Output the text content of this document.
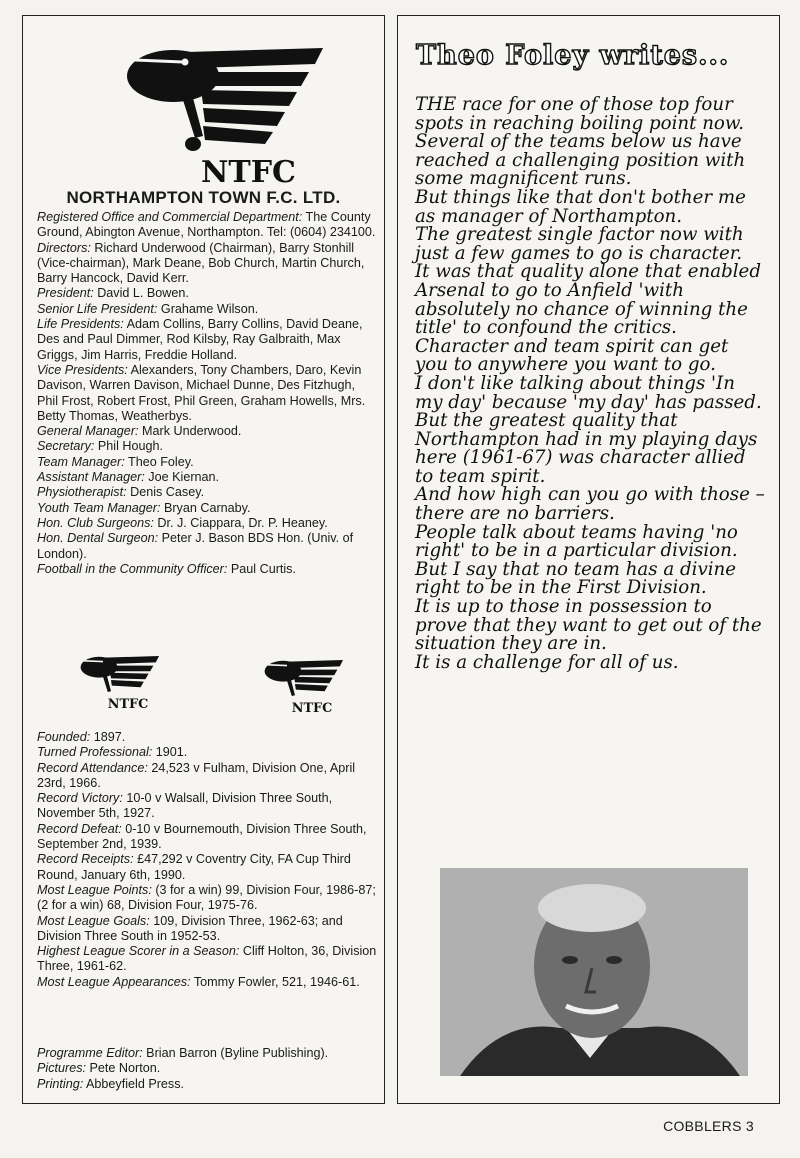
NTFC
NORTHAMPTON TOWN F.C. LTD.

Registered Office and Commercial Department: The County Ground, Abington Avenue, Northampton. Tel: (0604) 234100.

Directors: Richard Underwood (Chairman), Barry Stonhill (Vice-chairman), Mark Deane, Bob Church, Martin Church, Barry Hancock, David Kerr.

President: David L. Bowen.

Senior Life President: Grahame Wilson.

Life Presidents: Adam Collins, Barry Collins, David Deane, Des and Paul Dimmer, Rod Kilsby, Ray Galbraith, Max Griggs, Jim Harris, Freddie Holland.

Vice Presidents: Alexanders, Tony Chambers, Daro, Kevin Davison, Warren Davison, Michael Dunne, Des Fitzhugh, Phil Frost, Robert Frost, Phil Green, Graham Howells, Mrs. Betty Thomas, Weatherbys.

General Manager: Mark Underwood.

Secretary: Phil Hough.

Team Manager: Theo Foley.

Assistant Manager: Joe Kiernan.

Physiotherapist: Denis Casey.

Youth Team Manager: Bryan Carnaby.

Hon. Club Surgeons: Dr. J. Ciappara, Dr. P. Heaney.

Hon. Dental Surgeon: Peter J. Bason BDS Hon. (Univ. of London).

Football in the Community Officer: Paul Curtis.

NTFC	NTFC

Founded: 1897.

Turned Professional: 1901.

Record Attendance: 24,523 v Fulham, Division One, April 23rd, 1966.

Record Victory: 10-0 v Walsall, Division Three South, November 5th, 1927.

Record Defeat: 0-10 v Bournemouth, Division Three South, September 2nd, 1939.

Record Receipts: £47,292 v Coventry City, FA Cup Third Round, January 6th, 1990.

Most League Points: (3 for a win) 99, Division Four, 1986-87; (2 for a win) 68, Division Four, 1975-76.

Most League Goals: 109, Division Three, 1962-63; and Division Three South in 1952-53.

Highest League Scorer in a Season: Cliff Holton, 36, Division Three, 1961-62.

Most League Appearances: Tommy Fowler, 521, 1946-61.

Programme Editor: Brian Barron (Byline Publishing).

Pictures: Pete Norton.

Printing: Abbeyfield Press.

Theo Foley writes...

THE race for one of those top four spots in reaching boiling point now.

Several of the teams below us have reached a challenging position with some magnificent runs.

But things like that don't bother me as manager of Northampton.

The greatest single factor now with just a few games to go is character.

It was that quality alone that enabled Arsenal to go to Anfield 'with absolutely no chance of winning the title' to confound the critics.

Character and team spirit can get you to anywhere you want to go.

I don't like talking about things 'In my day' because 'my day' has passed.

But the greatest quality that Northampton had in my playing days here (1961-67) was character allied to team spirit.

And how high can you go with those – there are no barriers.

People talk about teams having 'no right' to be in a particular division.

But I say that no team has a divine right to be in the First Division.

It is up to those in possession to prove that they want to get out of the situation they are in.

It is a challenge for all of us.

COBBLERS 3
